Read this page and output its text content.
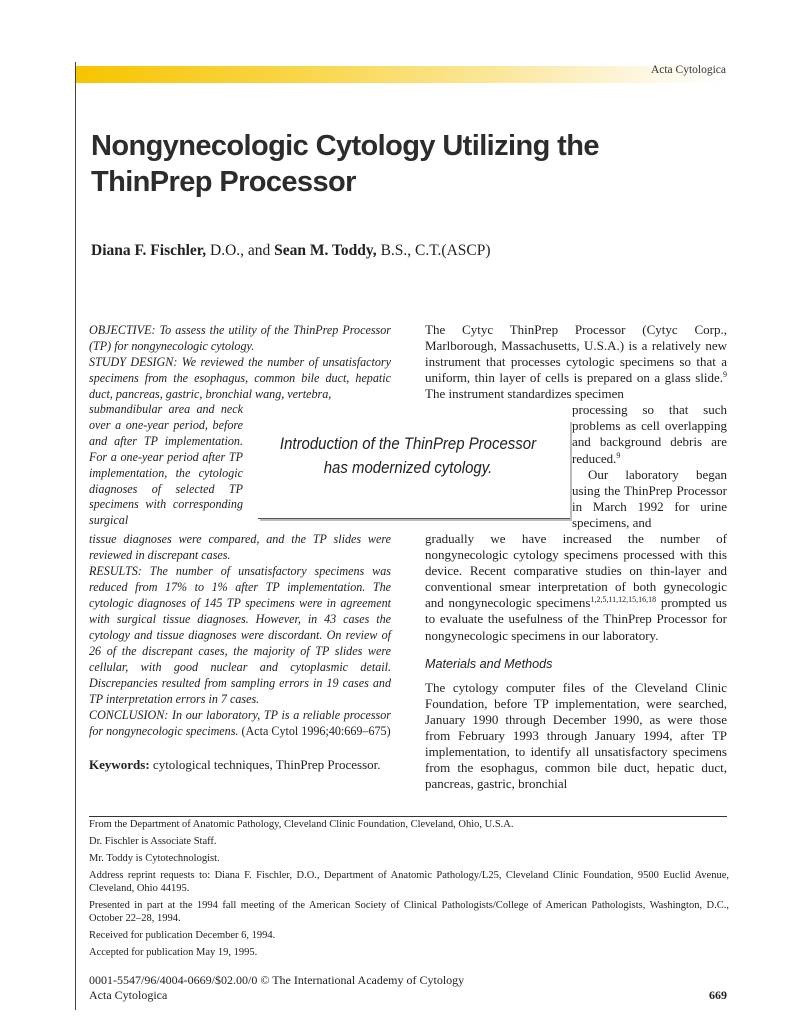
Acta Cytologica
Nongynecologic Cytology Utilizing the
ThinPrep Processor
Diana F. Fischler, D.O., and Sean M. Toddy, B.S., C.T.(ASCP)

OBJECTIVE: To assess the utility of the ThinPrep Processor (TP) for nongynecologic cytology.

STUDY DESIGN: We reviewed the number of unsatisfactory specimens from the esophagus, common bile duct, hepatic duct, pancreas, gastric, bronchial wang, vertebra,

submandibular area and neck over a one-year period, before and after TP implementation. For a one-year period after TP implementation, the cytologic diagnoses of selected TP specimens with corresponding surgical

tissue diagnoses were compared, and the TP slides were reviewed in discrepant cases.

RESULTS: The number of unsatisfactory specimens was reduced from 17% to 1% after TP implementation. The cytologic diagnoses of 145 TP specimens were in agreement with surgical tissue diagnoses. However, in 43 cases the cytology and tissue diagnoses were discordant. On review of 26 of the discrepant cases, the majority of TP slides were cellular, with good nuclear and cytoplasmic detail. Discrepancies resulted from sampling errors in 19 cases and TP interpretation errors in 7 cases.

CONCLUSION: In our laboratory, TP is a reliable processor for nongynecologic specimens. (Acta Cytol 1996;40:669–675)

Keywords: cytological techniques, ThinPrep Processor.

Introduction of the ThinPrep Processor has modernized cytology.

The Cytyc ThinPrep Processor (Cytyc Corp., Marlborough, Massachusetts, U.S.A.) is a relatively new instrument that processes cytologic specimens so that a uniform, thin layer of cells is prepared on a glass slide.$^9$ The instrument standardizes specimen

processing so that such problems as cell overlapping and background debris are reduced.$^9$

Our laboratory began using the ThinPrep Processor in March 1992 for urine specimens, and

gradually we have increased the number of nongynecologic cytology specimens processed with this device. Recent comparative studies on thin-layer and conventional smear interpretation of both gynecologic and nongynecologic specimens$^{1,2,5,11,12,15,16,18}$ prompted us to evaluate the usefulness of the ThinPrep Processor for nongynecologic specimens in our laboratory.

Materials and Methods

The cytology computer files of the Cleveland Clinic Foundation, before TP implementation, were searched, January 1990 through December 1990, as were those from February 1993 through January 1994, after TP implementation, to identify all unsatisfactory specimens from the esophagus, common bile duct, hepatic duct, pancreas, gastric, bronchial

From the Department of Anatomic Pathology, Cleveland Clinic Foundation, Cleveland, Ohio, U.S.A.

Dr. Fischler is Associate Staff.

Mr. Toddy is Cytotechnologist.

Address reprint requests to: Diana F. Fischler, D.O., Department of Anatomic Pathology/L25, Cleveland Clinic Foundation, 9500 Euclid Avenue, Cleveland, Ohio 44195.

Presented in part at the 1994 fall meeting of the American Society of Clinical Pathologists/College of American Pathologists, Washington, D.C., October 22–28, 1994.

Received for publication December 6, 1994.

Accepted for publication May 19, 1995.

0001-5547/96/4004-0669/$02.00/0 © The International Academy of Cytology
Acta Cytologica	669
